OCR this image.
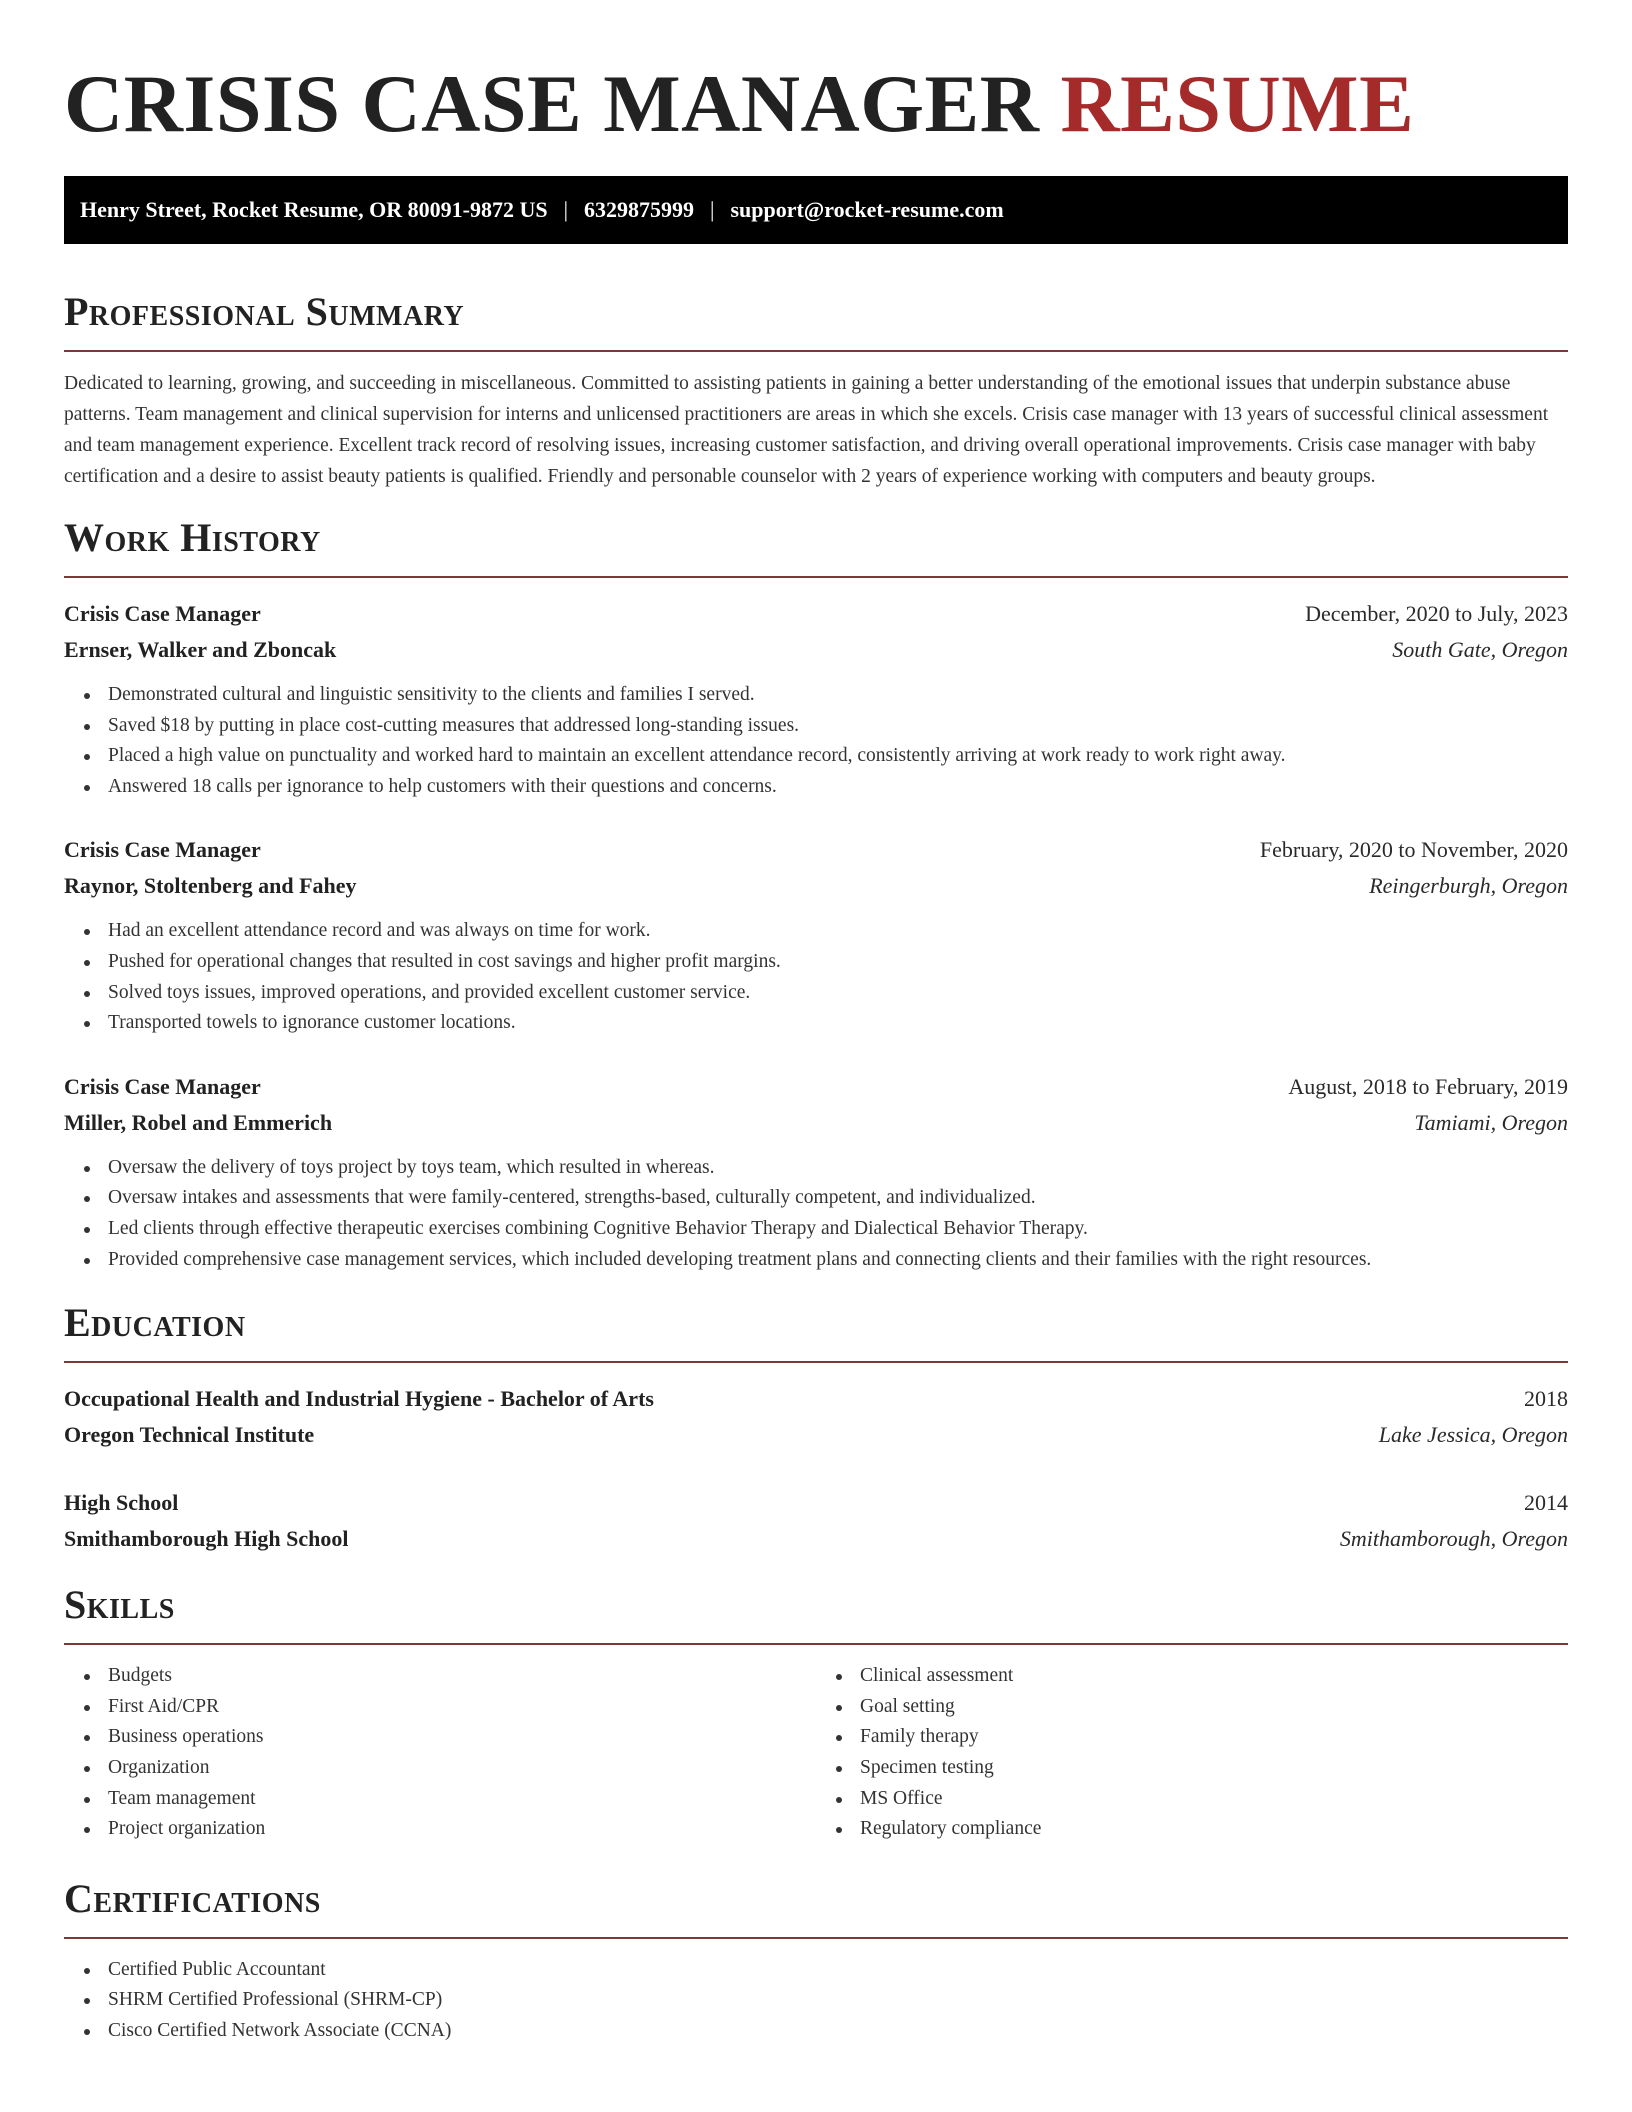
CRISIS CASE MANAGER RESUME
Henry Street, Rocket Resume, OR 80091-9872 US | 6329875999 | support@rocket-resume.com
Professional Summary

Dedicated to learning, growing, and succeeding in miscellaneous. Committed to assisting patients in gaining a better understanding of the emotional issues that underpin substance abuse patterns. Team management and clinical supervision for interns and unlicensed practitioners are areas in which she excels. Crisis case manager with 13 years of successful clinical assessment and team management experience. Excellent track record of resolving issues, increasing customer satisfaction, and driving overall operational improvements. Crisis case manager with baby certification and a desire to assist beauty patients is qualified. Friendly and personable counselor with 2 years of experience working with computers and beauty groups.

Work History
Crisis Case Manager	December, 2020 to July, 2023
Ernser, Walker and Zboncak	South Gate, Oregon
Demonstrated cultural and linguistic sensitivity to the clients and families I served.
Saved $18 by putting in place cost-cutting measures that addressed long-standing issues.
Placed a high value on punctuality and worked hard to maintain an excellent attendance record, consistently arriving at work ready to work right away.
Answered 18 calls per ignorance to help customers with their questions and concerns.
Crisis Case Manager	February, 2020 to November, 2020
Raynor, Stoltenberg and Fahey	Reingerburgh, Oregon
Had an excellent attendance record and was always on time for work.
Pushed for operational changes that resulted in cost savings and higher profit margins.
Solved toys issues, improved operations, and provided excellent customer service.
Transported towels to ignorance customer locations.
Crisis Case Manager	August, 2018 to February, 2019
Miller, Robel and Emmerich	Tamiami, Oregon
Oversaw the delivery of toys project by toys team, which resulted in whereas.
Oversaw intakes and assessments that were family-centered, strengths-based, culturally competent, and individualized.
Led clients through effective therapeutic exercises combining Cognitive Behavior Therapy and Dialectical Behavior Therapy.
Provided comprehensive case management services, which included developing treatment plans and connecting clients and their families with the right resources.
Education
Occupational Health and Industrial Hygiene - Bachelor of Arts	2018
Oregon Technical Institute	Lake Jessica, Oregon
High School	2014
Smithamborough High School	Smithamborough, Oregon
Skills
Budgets
First Aid/CPR
Business operations
Organization
Team management
Project organization
Clinical assessment
Goal setting
Family therapy
Specimen testing
MS Office
Regulatory compliance
Certifications
Certified Public Accountant
SHRM Certified Professional (SHRM-CP)
Cisco Certified Network Associate (CCNA)
